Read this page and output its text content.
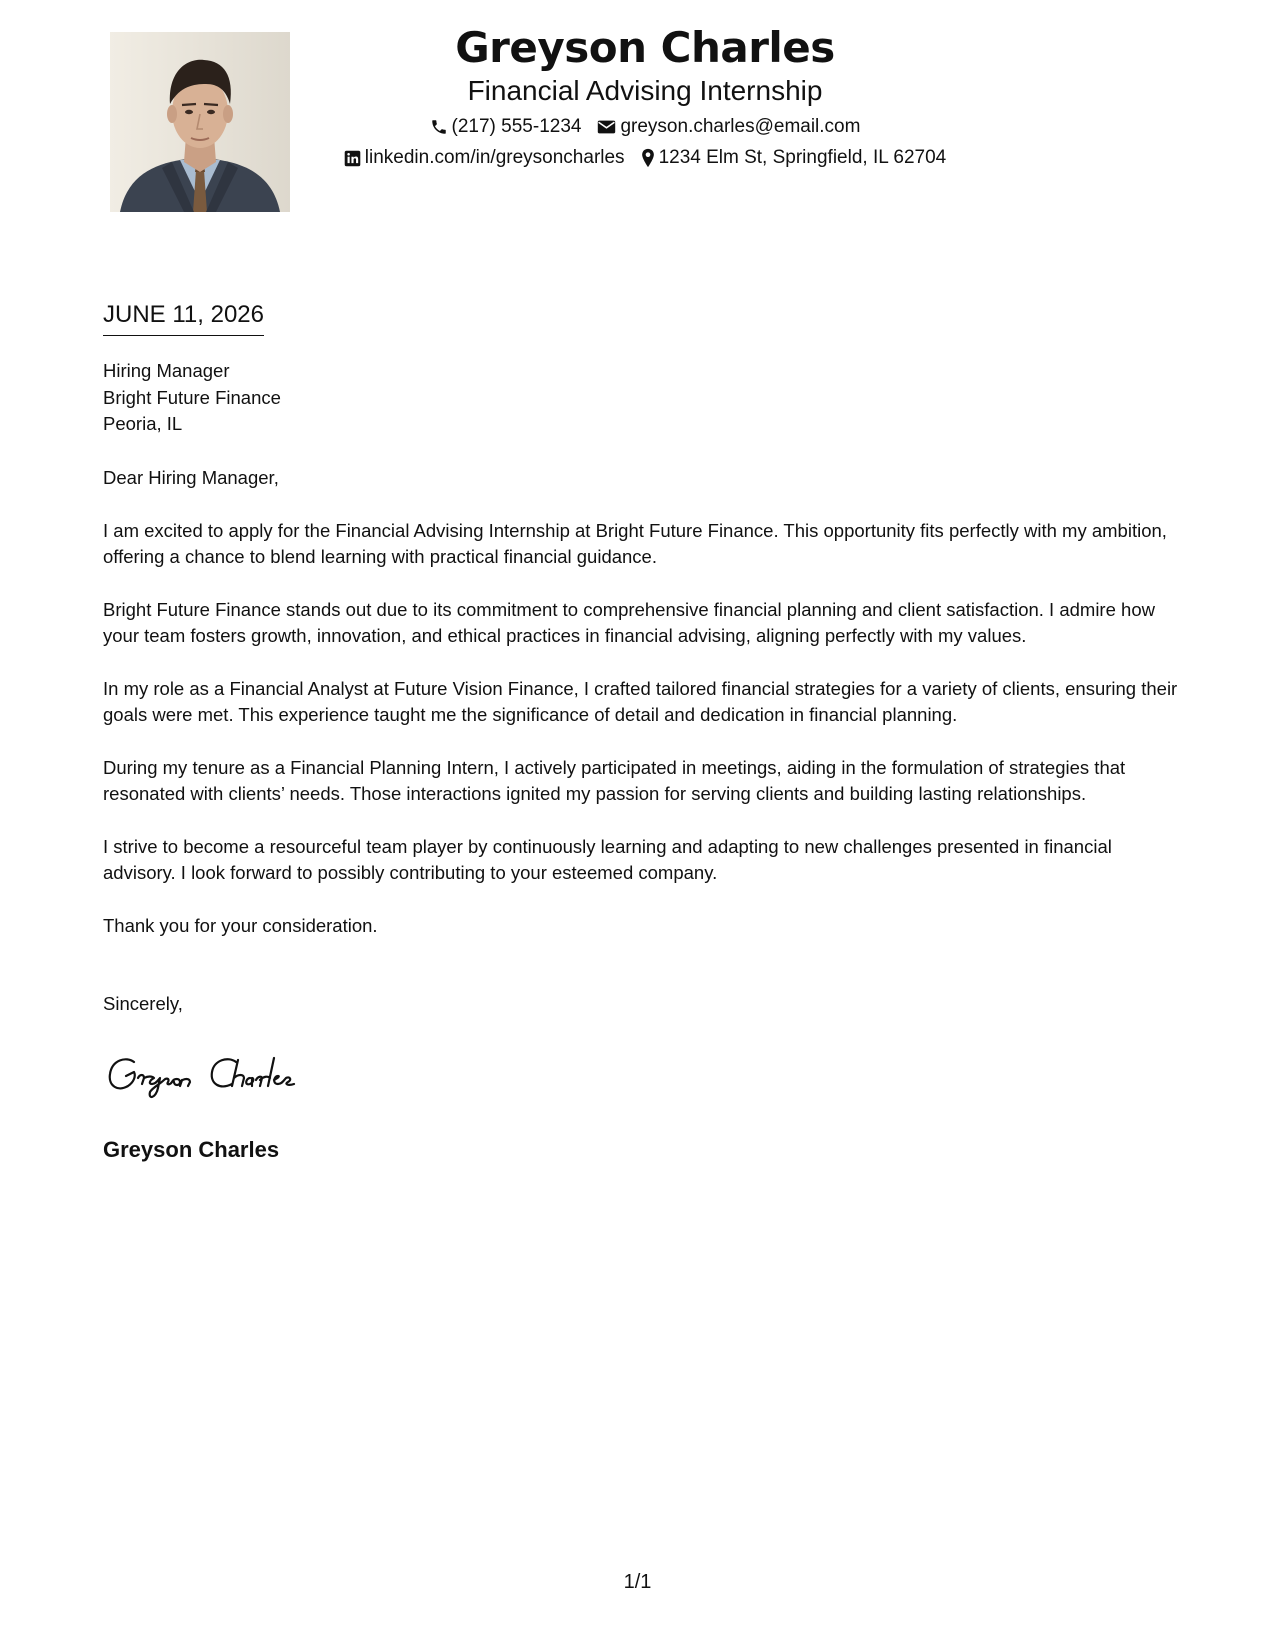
Greyson Charles
Financial Advising Internship
(217) 555-1234 greyson.charles@email.com
linkedin.com/in/greysoncharles 1234 Elm St, Springfield, IL 62704
JUNE 11, 2026
Hiring Manager
Bright Future Finance
Peoria, IL

Dear Hiring Manager,

I am excited to apply for the Financial Advising Internship at Bright Future Finance. This opportunity fits perfectly with my ambition, offering a chance to blend learning with practical financial guidance.

Bright Future Finance stands out due to its commitment to comprehensive financial planning and client satisfaction. I admire how your team fosters growth, innovation, and ethical practices in financial advising, aligning perfectly with my values.

In my role as a Financial Analyst at Future Vision Finance, I crafted tailored financial strategies for a variety of clients, ensuring their goals were met. This experience taught me the significance of detail and dedication in financial planning.

During my tenure as a Financial Planning Intern, I actively participated in meetings, aiding in the formulation of strategies that resonated with clients’ needs. Those interactions ignited my passion for serving clients and building lasting relationships.

I strive to become a resourceful team player by continuously learning and adapting to new challenges presented in financial advisory. I look forward to possibly contributing to your esteemed company.

Thank you for your consideration.

Sincerely,

Greyson Charles
1/1
